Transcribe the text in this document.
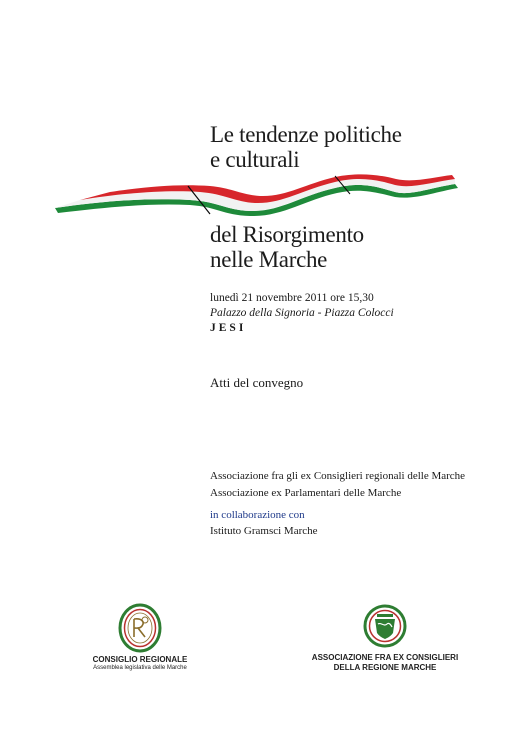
Le tendenze politiche
e culturali
del Risorgimento
nelle Marche
lunedì 21 novembre 2011 ore 15,30
Palazzo della Signoria - Piazza Colocci
JESI
Atti del convegno
Associazione fra gli ex Consiglieri regionali delle Marche
Associazione ex Parlamentari delle Marche
in collaborazione con
Istituto Gramsci Marche
CONSIGLIO REGIONALE
Assemblea legislativa delle Marche
ASSOCIAZIONE FRA EX CONSIGLIERI
DELLA REGIONE MARCHE
